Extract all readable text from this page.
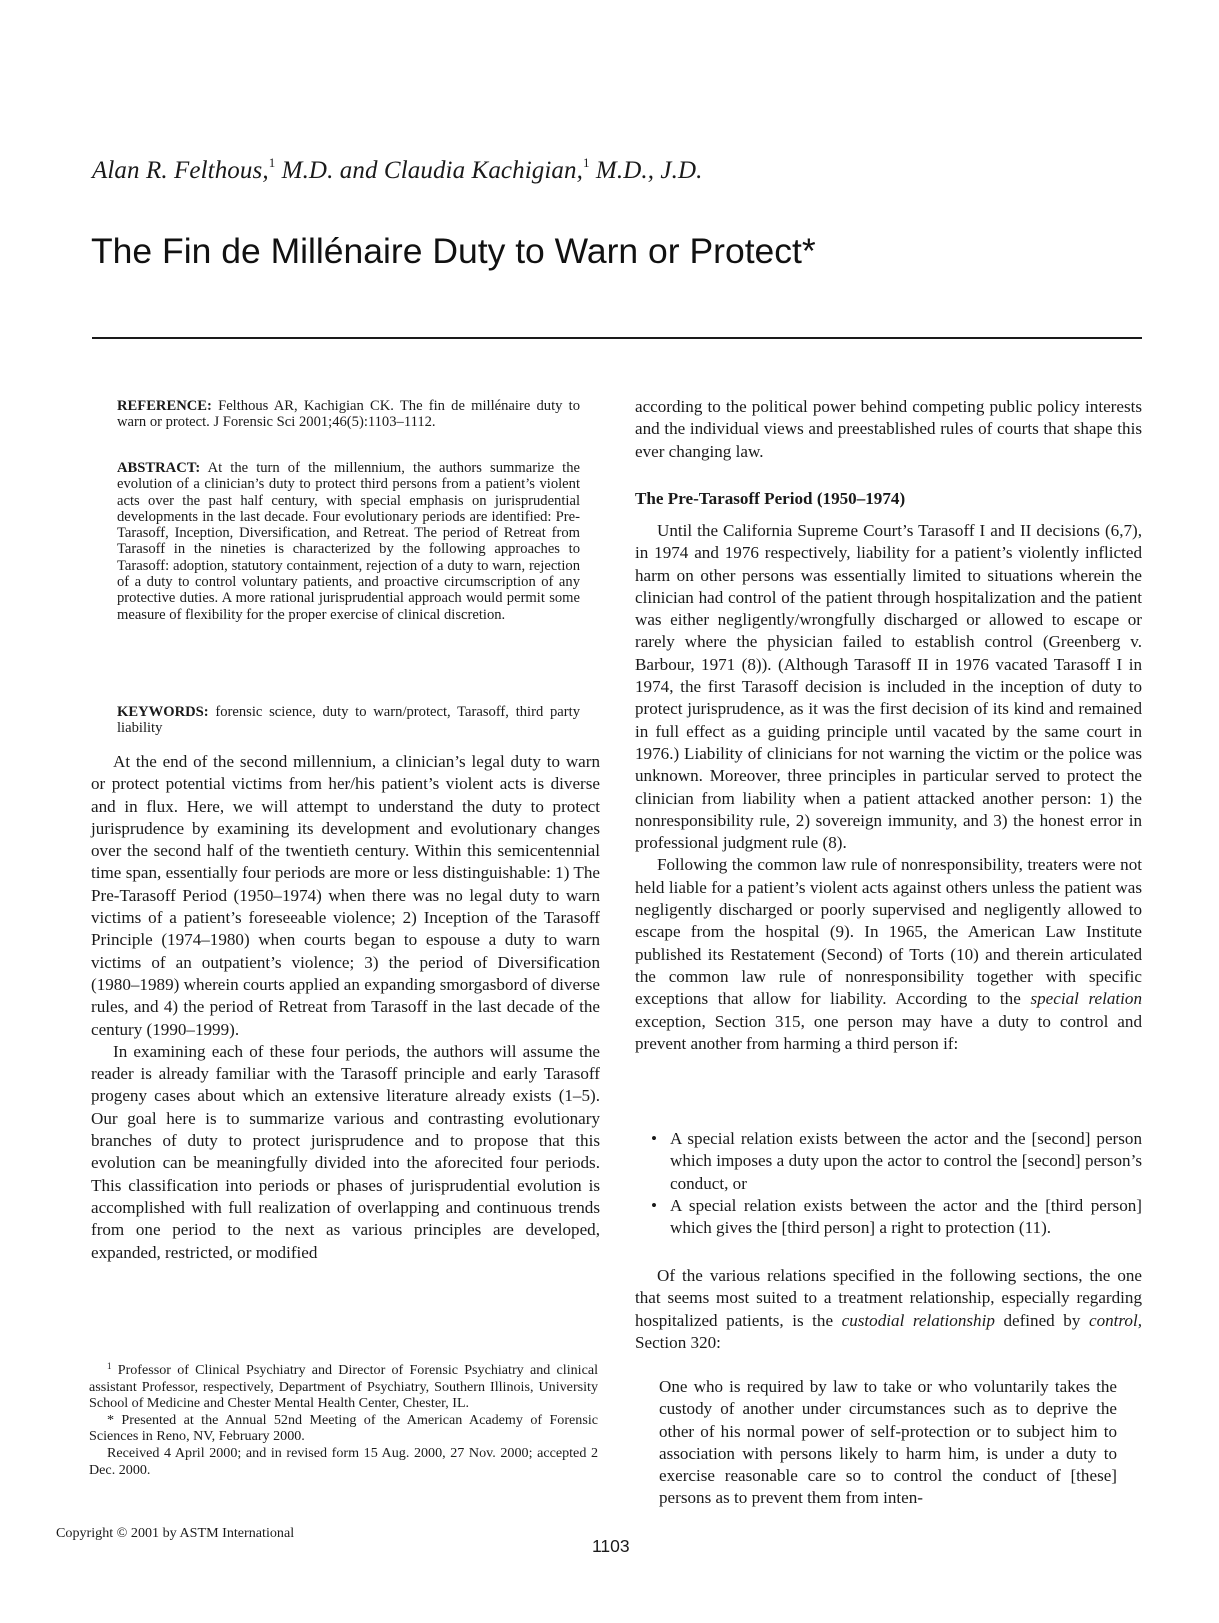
Alan R. Felthous,$^1$ M.D. and Claudia Kachigian,$^1$ M.D., J.D.
The Fin de Millénaire Duty to Warn or Protect*
REFERENCE: Felthous AR, Kachigian CK. The fin de millénaire duty to warn or protect. J Forensic Sci 2001;46(5):1103–1112.
ABSTRACT: At the turn of the millennium, the authors summarize the evolution of a clinician’s duty to protect third persons from a patient’s violent acts over the past half century, with special emphasis on jurisprudential developments in the last decade. Four evolutionary periods are identified: Pre-Tarasoff, Inception, Diversification, and Retreat. The period of Retreat from Tarasoff in the nineties is characterized by the following approaches to Tarasoff: adoption, statutory containment, rejection of a duty to warn, rejection of a duty to control voluntary patients, and proactive circumscription of any protective duties. A more rational jurisprudential approach would permit some measure of flexibility for the proper exercise of clinical discretion.
KEYWORDS: forensic science, duty to warn/protect, Tarasoff, third party liability

At the end of the second millennium, a clinician’s legal duty to warn or protect potential victims from her/his patient’s violent acts is diverse and in flux. Here, we will attempt to understand the duty to protect jurisprudence by examining its development and evolutionary changes over the second half of the twentieth century. Within this semicentennial time span, essentially four periods are more or less distinguishable: 1) The Pre-Tarasoff Period (1950–1974) when there was no legal duty to warn victims of a patient’s foreseeable violence; 2) Inception of the Tarasoff Principle (1974–1980) when courts began to espouse a duty to warn victims of an outpatient’s violence; 3) the period of Diversification (1980–1989) wherein courts applied an expanding smorgasbord of diverse rules, and 4) the period of Retreat from Tarasoff in the last decade of the century (1990–1999).

In examining each of these four periods, the authors will assume the reader is already familiar with the Tarasoff principle and early Tarasoff progeny cases about which an extensive literature already exists (1–5). Our goal here is to summarize various and contrasting evolutionary branches of duty to protect jurisprudence and to propose that this evolution can be meaningfully divided into the aforecited four periods. This classification into periods or phases of jurisprudential evolution is accomplished with full realization of overlapping and continuous trends from one period to the next as various principles are developed, expanded, restricted, or modified

according to the political power behind competing public policy interests and the individual views and preestablished rules of courts that shape this ever changing law.

The Pre-Tarasoff Period (1950–1974)

Until the California Supreme Court’s Tarasoff I and II decisions (6,7), in 1974 and 1976 respectively, liability for a patient’s violently inflicted harm on other persons was essentially limited to situations wherein the clinician had control of the patient through hospitalization and the patient was either negligently/wrongfully discharged or allowed to escape or rarely where the physician failed to establish control (Greenberg v. Barbour, 1971 (8)). (Although Tarasoff II in 1976 vacated Tarasoff I in 1974, the first Tarasoff decision is included in the inception of duty to protect jurisprudence, as it was the first decision of its kind and remained in full effect as a guiding principle until vacated by the same court in 1976.) Liability of clinicians for not warning the victim or the police was unknown. Moreover, three principles in particular served to protect the clinician from liability when a patient attacked another person: 1) the nonresponsibility rule, 2) sovereign immunity, and 3) the honest error in professional judgment rule (8).

Following the common law rule of nonresponsibility, treaters were not held liable for a patient’s violent acts against others unless the patient was negligently discharged or poorly supervised and negligently allowed to escape from the hospital (9). In 1965, the American Law Institute published its Restatement (Second) of Torts (10) and therein articulated the common law rule of nonresponsibility together with specific exceptions that allow for liability. According to the special relation exception, Section 315, one person may have a duty to control and prevent another from harming a third person if:

• A special relation exists between the actor and the [second] person which imposes a duty upon the actor to control the [second] person’s conduct, or
• A special relation exists between the actor and the [third person] which gives the [third person] a right to protection (11).

Of the various relations specified in the following sections, the one that seems most suited to a treatment relationship, especially regarding hospitalized patients, is the custodial relationship defined by control, Section 320:

One who is required by law to take or who voluntarily takes the custody of another under circumstances such as to deprive the other of his normal power of self-protection or to subject him to association with persons likely to harm him, is under a duty to exercise reasonable care so to control the conduct of [these] persons as to prevent them from inten-

$^1$ Professor of Clinical Psychiatry and Director of Forensic Psychiatry and clinical assistant Professor, respectively, Department of Psychiatry, Southern Illinois, University School of Medicine and Chester Mental Health Center, Chester, IL.

* Presented at the Annual 52nd Meeting of the American Academy of Forensic Sciences in Reno, NV, February 2000.

Received 4 April 2000; and in revised form 15 Aug. 2000, 27 Nov. 2000; accepted 2 Dec. 2000.

Copyright © 2001 by ASTM International
1103
